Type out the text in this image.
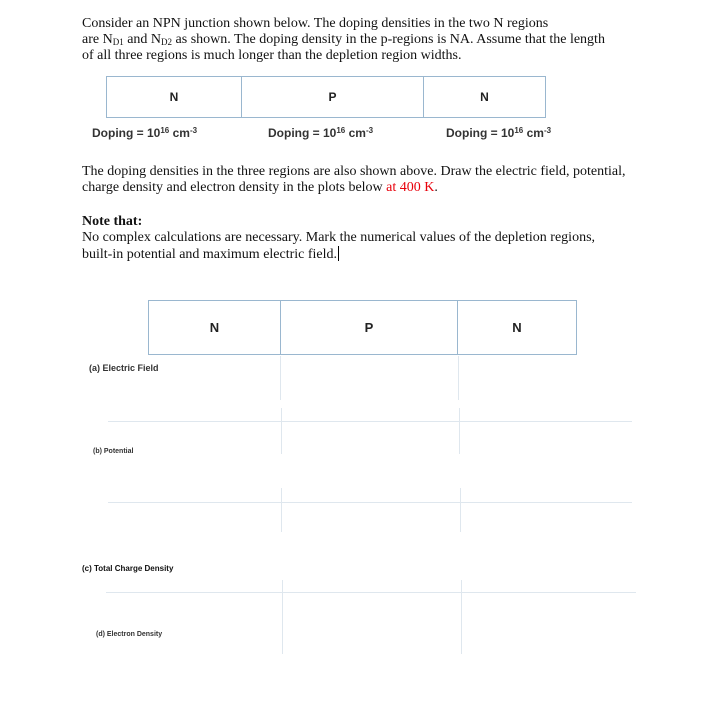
Consider an NPN junction shown below. The doping densities in the two N regions
are $N_{D1}$ and $N_{D2}$ as shown. The doping density in the p-regions is NA. Assume that the length
of all three regions is much longer than the depletion region widths.
N	P	N
Doping = $10^{16}$ $cm^{-3}$	Doping = $10^{16}$ $cm^{-3}$	Doping = $10^{16}$ $cm^{-3}$
The doping densities in the three regions are also shown above. Draw the electric field, potential,
charge density and electron density in the plots below at 400 K.
Note that:
No complex calculations are necessary. Mark the numerical values of the depletion regions,
built-in potential and maximum electric field.
N	P	N
(a) Electric Field
(b) Potential
(c) Total Charge Density
(d) Electron Density
